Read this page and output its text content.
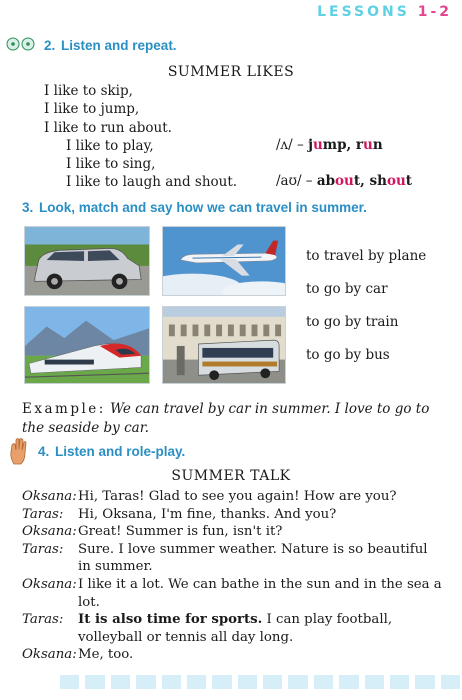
LESSONS 1-2
2. Listen and repeat.
SUMMER LIKES
I like to skip,
I like to jump,
I like to run about.
I like to play,
I like to sing,
I like to laugh and shout.
/ʌ/ – jump, run
/aʊ/ – about, shout
3. Look, match and say how we can travel in summer.
to travel by plane
to go by car
to go by train
to go by bus
Example: We can travel by car in summer. I love to go to the seaside by car.
4. Listen and role-play.
SUMMER TALK
Oksana: Hi, Taras! Glad to see you again! How are you?
Taras:	Hi, Oksana, I'm fine, thanks. And you?
Oksana: Great! Summer is fun, isn't it?
Taras:	Sure. I love summer weather. Nature is so beautiful in summer.
Oksana: I like it a lot. We can bathe in the sun and in the sea a lot.
Taras:	It is also time for sports. I can play football, volleyball or tennis all day long.
Oksana: Me, too.
